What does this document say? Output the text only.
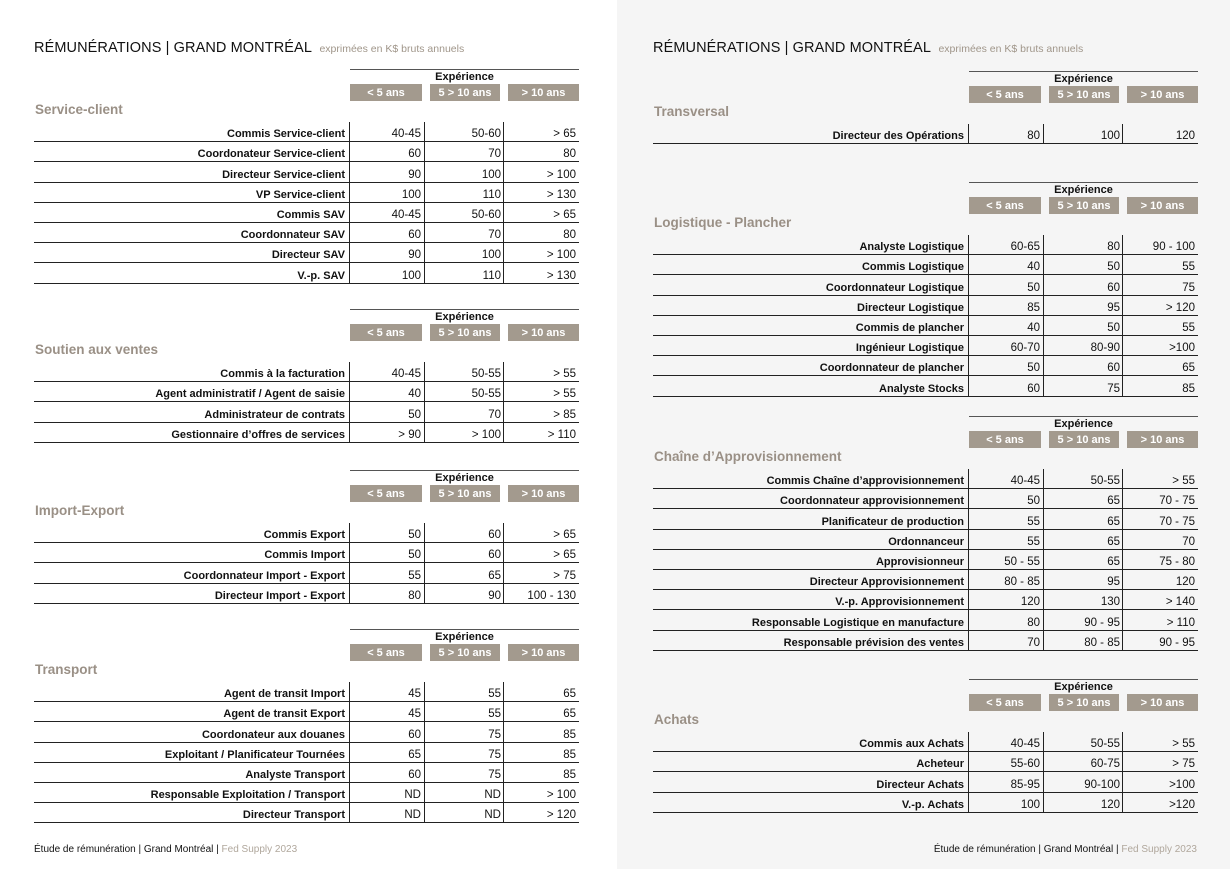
RÉMUNÉRATIONS | GRAND MONTRÉAL exprimées en K$ bruts annuels
Expérience
< 5 ans	5 > 10 ans	> 10 ans
Service-client
Commis Service-client	40-45	50-60	> 65
Coordonateur Service-client	60	70	80
Directeur Service-client	90	100	> 100
VP Service-client	100	110	> 130
Commis SAV	40-45	50-60	> 65
Coordonnateur SAV	60	70	80
Directeur SAV	90	100	> 100
V.-p. SAV	100	110	> 130
Expérience
< 5 ans	5 > 10 ans	> 10 ans
Soutien aux ventes
Commis à la facturation	40-45	50-55	> 55
Agent administratif / Agent de saisie	40	50-55	> 55
Administrateur de contrats	50	70	> 85
Gestionnaire d’offres de services	> 90	> 100	> 110
Expérience
< 5 ans	5 > 10 ans	> 10 ans
Import-Export
Commis Export	50	60	> 65
Commis Import	50	60	> 65
Coordonnateur Import - Export	55	65	> 75
Directeur Import - Export	80	90	100 - 130
Expérience
< 5 ans	5 > 10 ans	> 10 ans
Transport
Agent de transit Import	45	55	65
Agent de transit Export	45	55	65
Coordonateur aux douanes	60	75	85
Exploitant / Planificateur Tournées	65	75	85
Analyste Transport	60	75	85
Responsable Exploitation / Transport	ND	ND	> 100
Directeur Transport	ND	ND	> 120
Étude de rémunération | Grand Montréal | Fed Supply 2023
RÉMUNÉRATIONS | GRAND MONTRÉAL exprimées en K$ bruts annuels
Expérience
< 5 ans	5 > 10 ans	> 10 ans
Transversal
Directeur des Opérations	80	100	120
Expérience
< 5 ans	5 > 10 ans	> 10 ans
Logistique - Plancher
Analyste Logistique	60-65	80	90 - 100
Commis Logistique	40	50	55
Coordonnateur Logistique	50	60	75
Directeur Logistique	85	95	> 120
Commis de plancher	40	50	55
Ingénieur Logistique	60-70	80-90	>100
Coordonnateur de plancher	50	60	65
Analyste Stocks	60	75	85
Expérience
< 5 ans	5 > 10 ans	> 10 ans
Chaîne d’Approvisionnement
Commis Chaîne d’approvisionnement	40-45	50-55	> 55
Coordonnateur approvisionnement	50	65	70 - 75
Planificateur de production	55	65	70 - 75
Ordonnanceur	55	65	70
Approvisionneur	50 - 55	65	75 - 80
Directeur Approvisionnement	80 - 85	95	120
V.-p. Approvisionnement	120	130	> 140
Responsable Logistique en manufacture	80	90 - 95	> 110
Responsable prévision des ventes	70	80 - 85	90 - 95
Expérience
< 5 ans	5 > 10 ans	> 10 ans
Achats
Commis aux Achats	40-45	50-55	> 55
Acheteur	55-60	60-75	> 75
Directeur Achats	85-95	90-100	>100
V.-p. Achats	100	120	>120
Étude de rémunération | Grand Montréal | Fed Supply 2023
